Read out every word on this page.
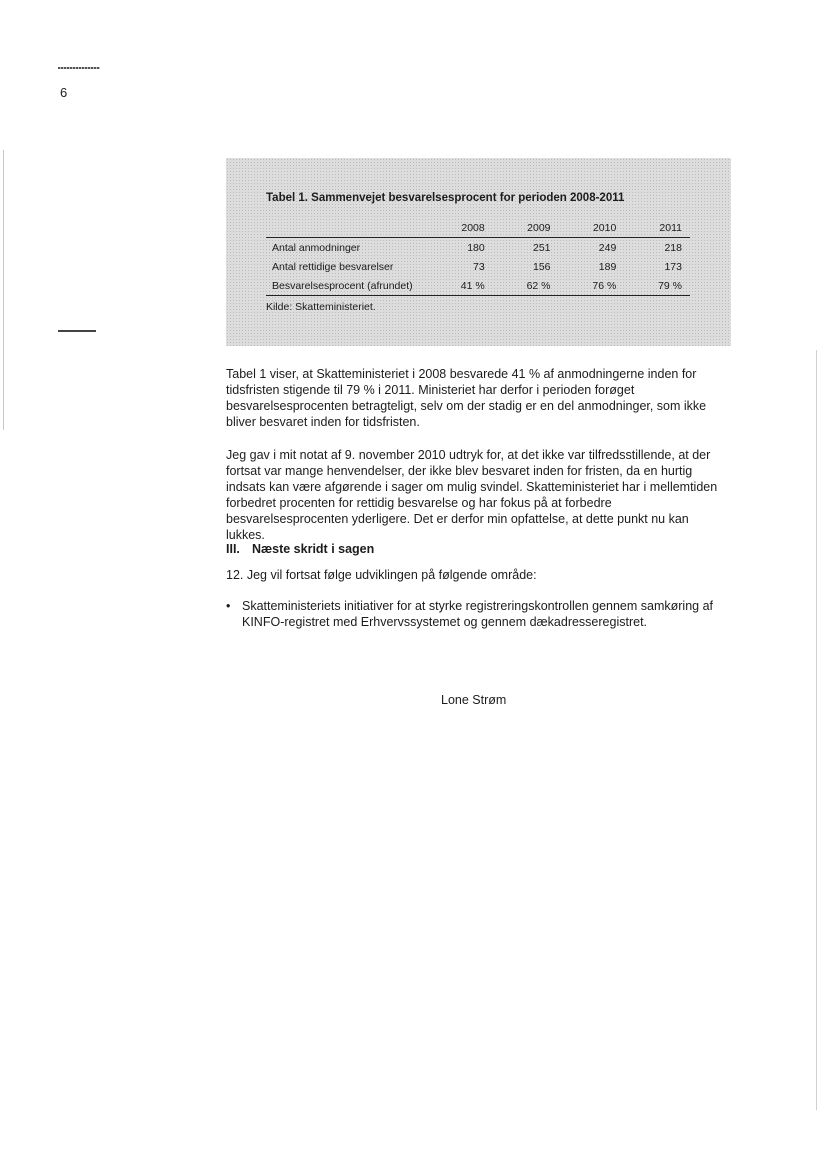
6
Tabel 1. Sammenvejet besvarelsesprocent for perioden 2008-2011
	2008	2009	2010	2011
Antal anmodninger	180	251	249	218
Antal rettidige besvarelser	73	156	189	173
Besvarelsesprocent (afrundet)	41 %	62 %	76 %	79 %
Kilde: Skatteministeriet.

Tabel 1 viser, at Skatteministeriet i 2008 besvarede 41 % af anmodningerne inden for tidsfristen stigende til 79 % i 2011. Ministeriet har derfor i perioden forøget besvarelsesprocenten betragteligt, selv om der stadig er en del anmodninger, som ikke bliver besvaret inden for tidsfristen.

Jeg gav i mit notat af 9. november 2010 udtryk for, at det ikke var tilfredsstillende, at der fortsat var mange henvendelser, der ikke blev besvaret inden for fristen, da en hurtig indsats kan være afgørende i sager om mulig svindel. Skatteministeriet har i mellemtiden forbedret procenten for rettidig besvarelse og har fokus på at forbedre besvarelsesprocenten yderligere. Det er derfor min opfattelse, at dette punkt nu kan lukkes.

III. Næste skridt i sagen

12. Jeg vil fortsat følge udviklingen på følgende område:

• Skatteministeriets initiativer for at styrke registreringskontrollen gennem samkøring af KINFO-registret med Erhvervssystemet og gennem dækadresseregistret.
Lone Strøm
